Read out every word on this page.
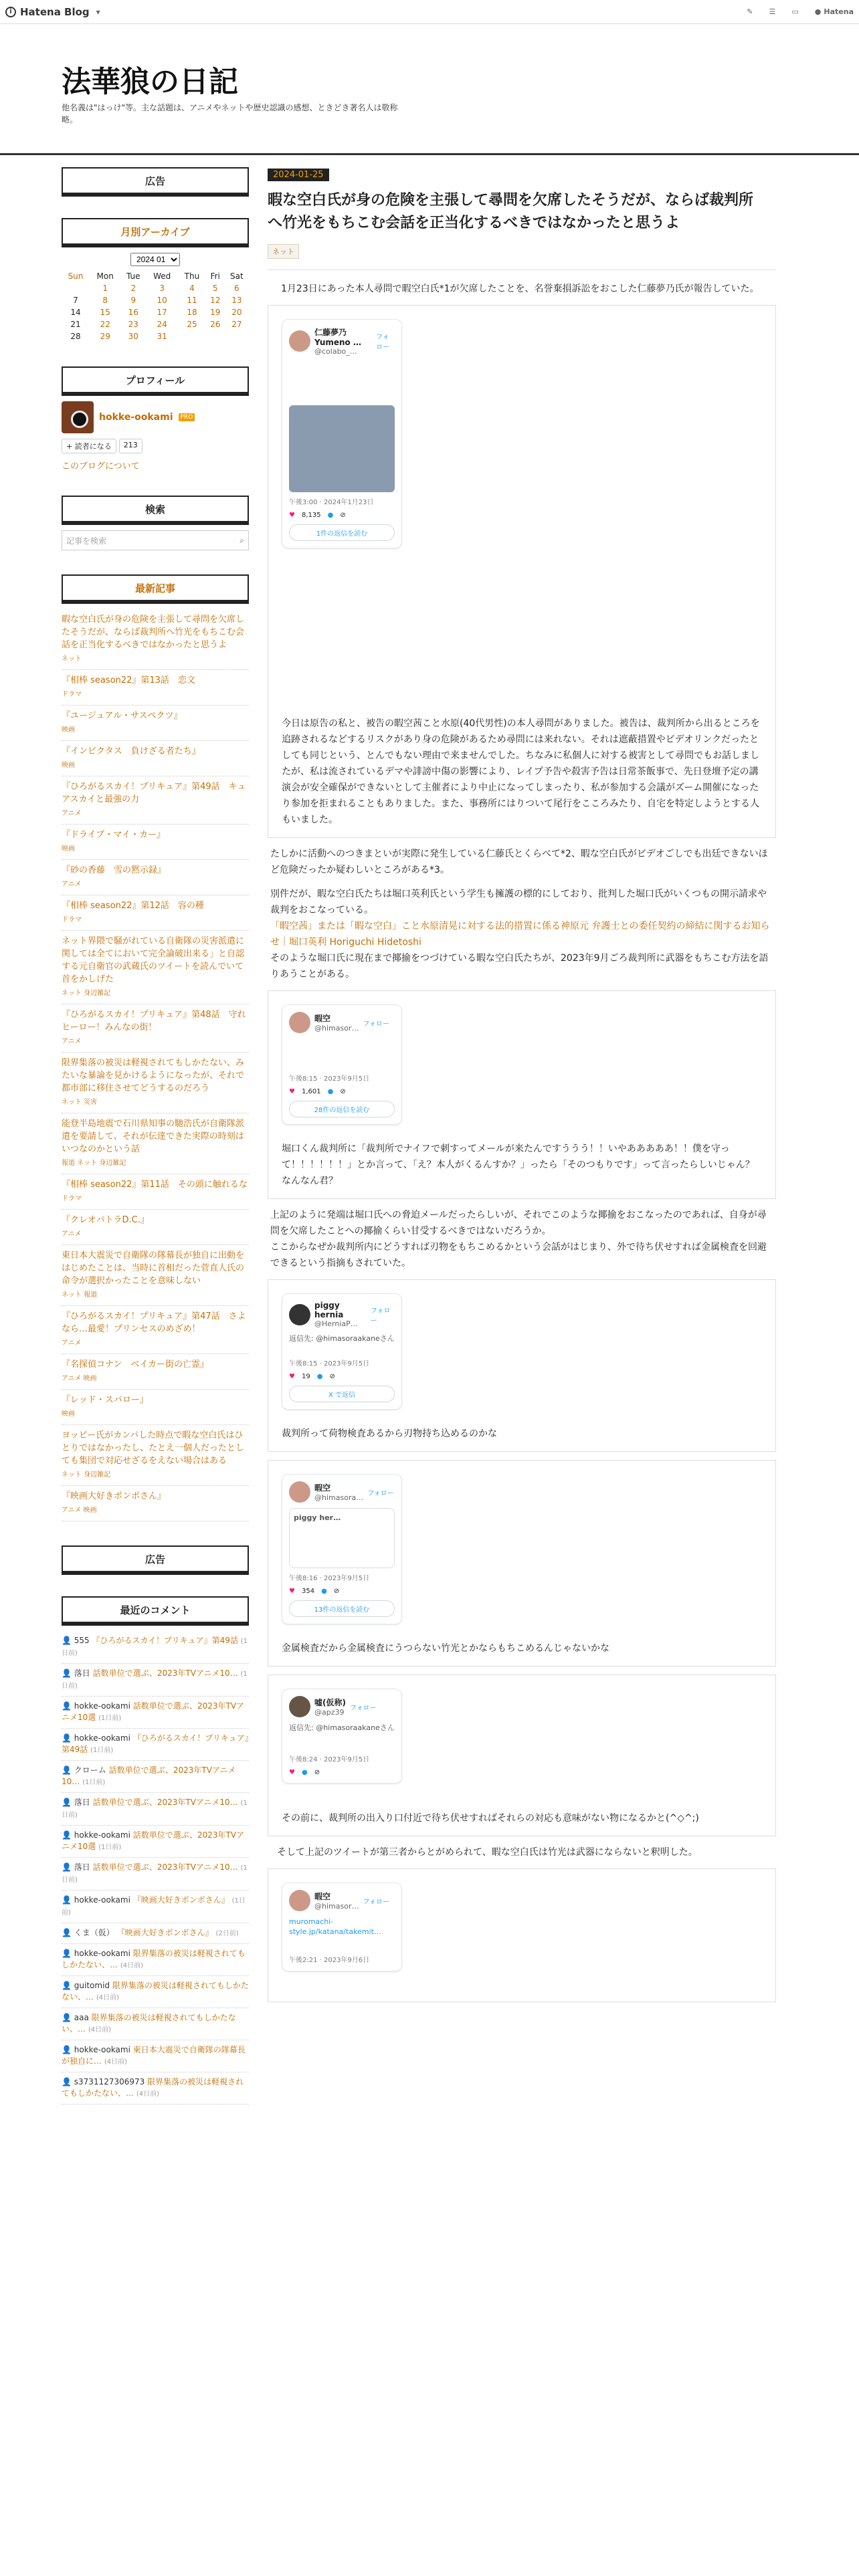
i Hatena Blog ▾	✎ ☰ ▭ ● Hatena
法華狼の日記
他名義は"はっけ"等。主な話題は、アニメやネットや歴史認識の感想、ときどき著名人は敬称略。
広告
月別アーカイブ
2024 01
Sun	Mon	Tue	Wed	Thu	Fri	Sat
	1	2	3	4	5	6
7	8	9	10	11	12	13
14	15	16	17	18	19	20
21	22	23	24	25	26	27
28	29	30	31			
プロフィール
hokke-ookami	PRO
+ 読者になる	213
このブログについて
検索
記事を検索	⌕
最新記事
暇な空白氏が身の危険を主張して尋問を欠席したそうだが、ならば裁判所へ竹光をもちこむ会話を正当化するべきではなかったと思うよ
ネット
『相棒 season22』第13話　恋文
ドラマ
『ユージュアル・サスペクツ』
映画
『インビクタス　負けざる者たち』
映画
『ひろがるスカイ！プリキュア』第49話　キュアスカイと最強の力
アニメ
『ドライブ・マイ・カー』
映画
『砂の香藤　雪の黙示録』
アニメ
『相棒 season22』第12話　容の種
ドラマ
ネット界隈で騒がれている自衛隊の災害派遣に関しては全てにおいて完全論破出来る」と自認する元自衛官の武蔵氏のツイートを読んでいて首をかしげた
ネット 身辺雑記
『ひろがるスカイ！プリキュア』第48話　守れヒーロー！みんなの街！
アニメ
限界集落の被災は軽視されてもしかたない、みたいな暴論を見かけるようになったが、それで都市部に移住させてどうするのだろう
ネット 災害
能登半島地震で石川県知事の馳浩氏が自衛隊派遣を要請して、それが伝達できた実際の時刻はいつなのかという話
報道 ネット 身辺雑記
『相棒 season22』第11話　その頭に触れるな
ドラマ
『クレオパトラD.C.』
アニメ
東日本大震災で自衛隊の隊幕長が独自に出動をはじめたことは、当時に首相だった菅直人氏の命令が選択かったことを意味しない
ネット 報道
『ひろがるスカイ！プリキュア』第47話　さよなら…最愛！プリンセスのめざめ！
アニメ
『名探偵コナン　ベイカー街の亡霊』
アニメ 映画
『レッド・スパロー』
映画
ヨッピー氏がカンパした時点で暇な空白氏はひとりではなかったし、たとえ一個人だったとしても集団で対応せざるをえない場合はある
ネット 身辺雑記
『映画大好きポンポさん』
アニメ 映画
広告
最近のコメント
👤 555 『ひろがるスカイ！プリキュア』第49話 (1日前)
👤 落日 話数単位で選ぶ、2023年TVアニメ10… (1日前)
👤 hokke-ookami 話数単位で選ぶ、2023年TVアニメ10選 (1日前)
👤 hokke-ookami 『ひろがるスカイ！プリキュア』第49話 (1日前)
👤 クローム 話数単位で選ぶ、2023年TVアニメ10… (1日前)
👤 落日 話数単位で選ぶ、2023年TVアニメ10… (1日前)
👤 hokke-ookami 話数単位で選ぶ、2023年TVアニメ10選 (1日前)
👤 落日 話数単位で選ぶ、2023年TVアニメ10… (1日前)
👤 hokke-ookami 『映画大好きポンポさん』 (1日前)
👤 くま（仮） 『映画大好きポンポさん』 (2日前)
👤 hokke-ookami 限界集落の被災は軽視されてもしかたない、… (4日前)
👤 guitomid 限界集落の被災は軽視されてもしかたない、… (4日前)
👤 aaa 限界集落の被災は軽視されてもしかたない、… (4日前)
👤 hokke-ookami 東日本大震災で自衛隊の隊幕長が独自に… (4日前)
👤 s3731127306973 限界集落の被災は軽視されてもしかたない、… (4日前)
2024-01-25
暇な空白氏が身の危険を主張して尋問を欠席したそうだが、ならば裁判所へ竹光をもちこむ会話を正当化するべきではなかったと思うよ
ネット

1月23日にあった本人尋問で暇空白氏*1が欠席したことを、名誉棄損訴訟をおこした仁藤夢乃氏が報告していた。

仁藤夢乃 Yumeno …
@colabo_…
フォロー
午後3:00 · 2024年1月23日
♥ 8,135 ● ⊘
1件の返信を読む

今日は原告の私と、被告の暇空茜こと水原(40代男性)の本人尋問がありました。被告は、裁判所から出るところを追跡されるなどするリスクがあり身の危険があるため尋問には来れない。それは遮蔽措置やビデオリンクだったとしても同じという、とんでもない理由で来ませんでした。ちなみに私個人に対する被害として尋問でもお話しましたが、私は流されているデマや誹謗中傷の影響により、レイプ予告や殺害予告は日常茶飯事で、先日登壇予定の講演会が安全確保ができないとして主催者により中止になってしまったり、私が参加する会議がズーム開催になったり参加を拒まれることもありました。また、事務所にはりついて尾行をこころみたり、自宅を特定しようとする人もいました。

たしかに活動へのつきまといが実際に発生している仁藤氏とくらべて*2、暇な空白氏がビデオごしでも出廷できないほど危険だったか疑わしいところがある*3。

別件だが、暇な空白氏たちは堀口英利氏という学生も擁護の標的にしており、批判した堀口氏がいくつもの開示請求や裁判をおこなっている。

「暇空茜」または「暇な空白」こと水原清晃に対する法的措置に係る神原元 弁護士との委任契約の締結に関するお知らせ｜堀口英利 Horiguchi Hidetoshi

そのような堀口氏に現在まで揶揄をつづけている暇な空白氏たちが、2023年9月ごろ裁判所に武器をもちこむ方法を語りあうことがある。

暇空
@himasor… フォロー
午後8:15 · 2023年9月5日
♥ 1,601 ● ⊘
28件の返信を読む

堀口くん裁判所に「裁判所でナイフで刺すってメールが来たんですううう！！いやあああああ！！僕を守って！！！！！！」とか言って、「え？本人がくるんすか？」ったら「そのつもりです」って言ったらしいじゃん？なんなん君？

上記のように発端は堀口氏への脅迫メールだったらしいが、それでこのような揶揄をおこなったのであれば、自身が尋問を欠席したことへの揶揄くらい甘受するべきではないだろうか。

ここからなぜか裁判所内にどうすれば刃物をもちこめるかという会話がはじまり、外で待ち伏せすれば金属検査を回避できるという指摘もされていた。

piggy hernia
@HerniaP…
フォロー
返信先: @himasoraakaneさん
午後8:15 · 2023年9月5日
♥ 19 ● ⊘
X で返信

裁判所って荷物検査あるから刃物持ち込めるのかな

暇空
@himasora… フォロー
piggy her…
午後8:16 · 2023年9月5日
♥ 354 ● ⊘
13件の返信を読む

金属検査だから金属検査にうつらない竹光とかならもちこめるんじゃないかな

嘘(仮称)
@apz39 フォロー
返信先: @himasoraakaneさん
午後8:24 · 2023年9月5日
♥ ● ⊘

その前に、裁判所の出入り口付近で待ち伏せすればそれらの対応も意味がない物になるかと(^◇^;)

そして上記のツイートが第三者からとがめられて、暇な空白氏は竹光は武器にならないと釈明した。

暇空
@himasor… フォロー
muromachi-style.jp/katana/takemit…
午後2:21 · 2023年9月6日
